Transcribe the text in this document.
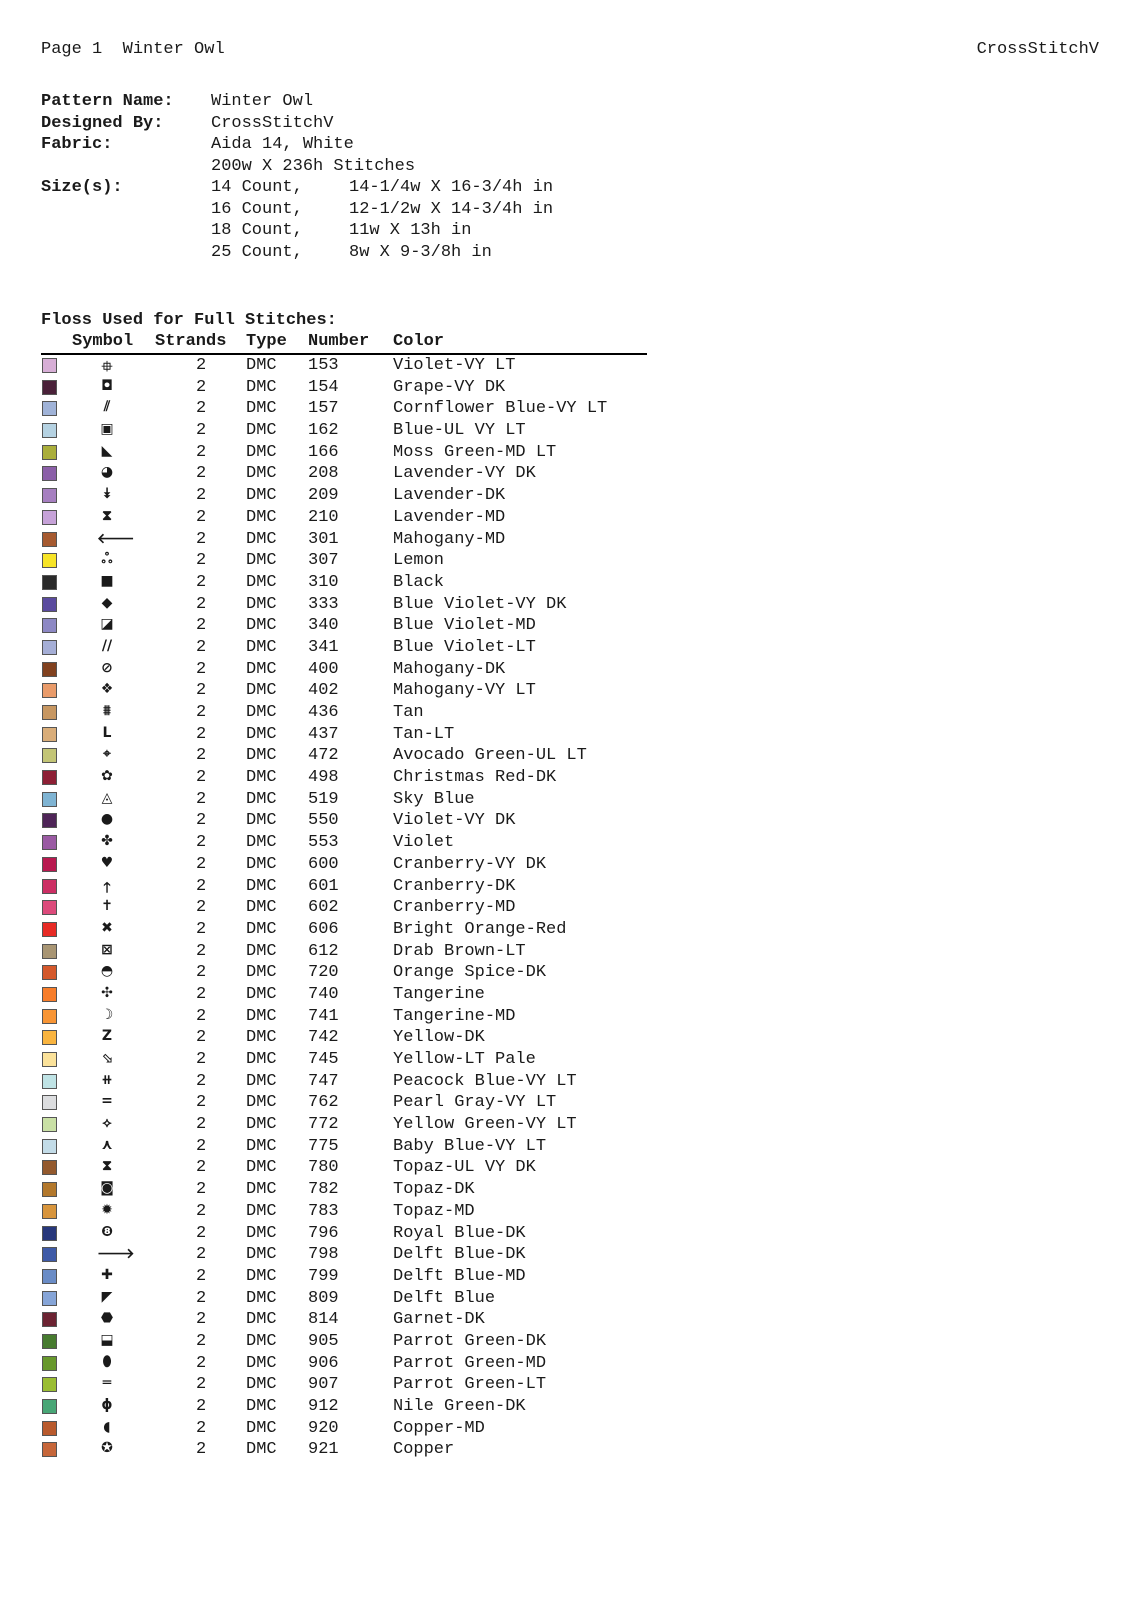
Page 1 Winter Owl	CrossStitchV
Pattern Name:	Winter Owl
Designed By:	CrossStitchV
Fabric:	Aida 14, White
200w X 236h Stitches
Size(s):	14 Count,	14-1/4w X 16-3/4h in
16 Count,	12-1/2w X 14-3/4h in
18 Count,	11w X 13h in
25 Count,	8w X 9-3/8h in
Floss Used for Full Stitches:
Symbol Strands Type Number Color
⯐	2 DMC 153	Violet-VY LT
◘	2 DMC 154	Grape-VY DK
⫽	2 DMC 157	Cornflower Blue-VY LT
▣	2 DMC 162	Blue-UL VY LT
◣	2 DMC 166	Moss Green-MD LT
◕	2 DMC 208	Lavender-VY DK
⯯	2 DMC 209	Lavender-DK
⧗	2 DMC 210	Lavender-MD
🡐	2 DMC 301	Mahogany-MD
ஃ	2 DMC 307	Lemon
■	2 DMC 310	Black
◆	2 DMC 333	Blue Violet-VY DK
◪	2 DMC 340	Blue Violet-MD
//	2 DMC 341	Blue Violet-LT
⊘	2 DMC 400	Mahogany-DK
❖	2 DMC 402	Mahogany-VY LT
⩩	2 DMC 436	Tan
L	2 DMC 437	Tan-LT
⌖	2 DMC 472	Avocado Green-UL LT
✿	2 DMC 498	Christmas Red-DK
◬	2 DMC 519	Sky Blue
●	2 DMC 550	Violet-VY DK
✤	2 DMC 553	Violet
♥	2 DMC 600	Cranberry-VY DK
🡑	2 DMC 601	Cranberry-DK
✝	2 DMC 602	Cranberry-MD
✖	2 DMC 606	Bright Orange-Red
⊠	2 DMC 612	Drab Brown-LT
◓	2 DMC 720	Orange Spice-DK
✣	2 DMC 740	Tangerine
☽	2 DMC 741	Tangerine-MD
Z	2 DMC 742	Yellow-DK
⬂	2 DMC 745	Yellow-LT Pale
⧺	2 DMC 747	Peacock Blue-VY LT
=	2 DMC 762	Pearl Gray-VY LT
⟡	2 DMC 772	Yellow Green-VY LT
⋏	2 DMC 775	Baby Blue-VY LT
⧗	2 DMC 780	Topaz-UL VY DK
◙	2 DMC 782	Topaz-DK
✹	2 DMC 783	Topaz-MD
❽	2 DMC 796	Royal Blue-DK
🡒	2 DMC 798	Delft Blue-DK
✚	2 DMC 799	Delft Blue-MD
◤	2 DMC 809	Delft Blue
⬣	2 DMC 814	Garnet-DK
⬓	2 DMC 905	Parrot Green-DK
⬮	2 DMC 906	Parrot Green-MD
═	2 DMC 907	Parrot Green-LT
ɸ	2 DMC 912	Nile Green-DK
◖	2 DMC 920	Copper-MD
✪	2 DMC 921	Copper
